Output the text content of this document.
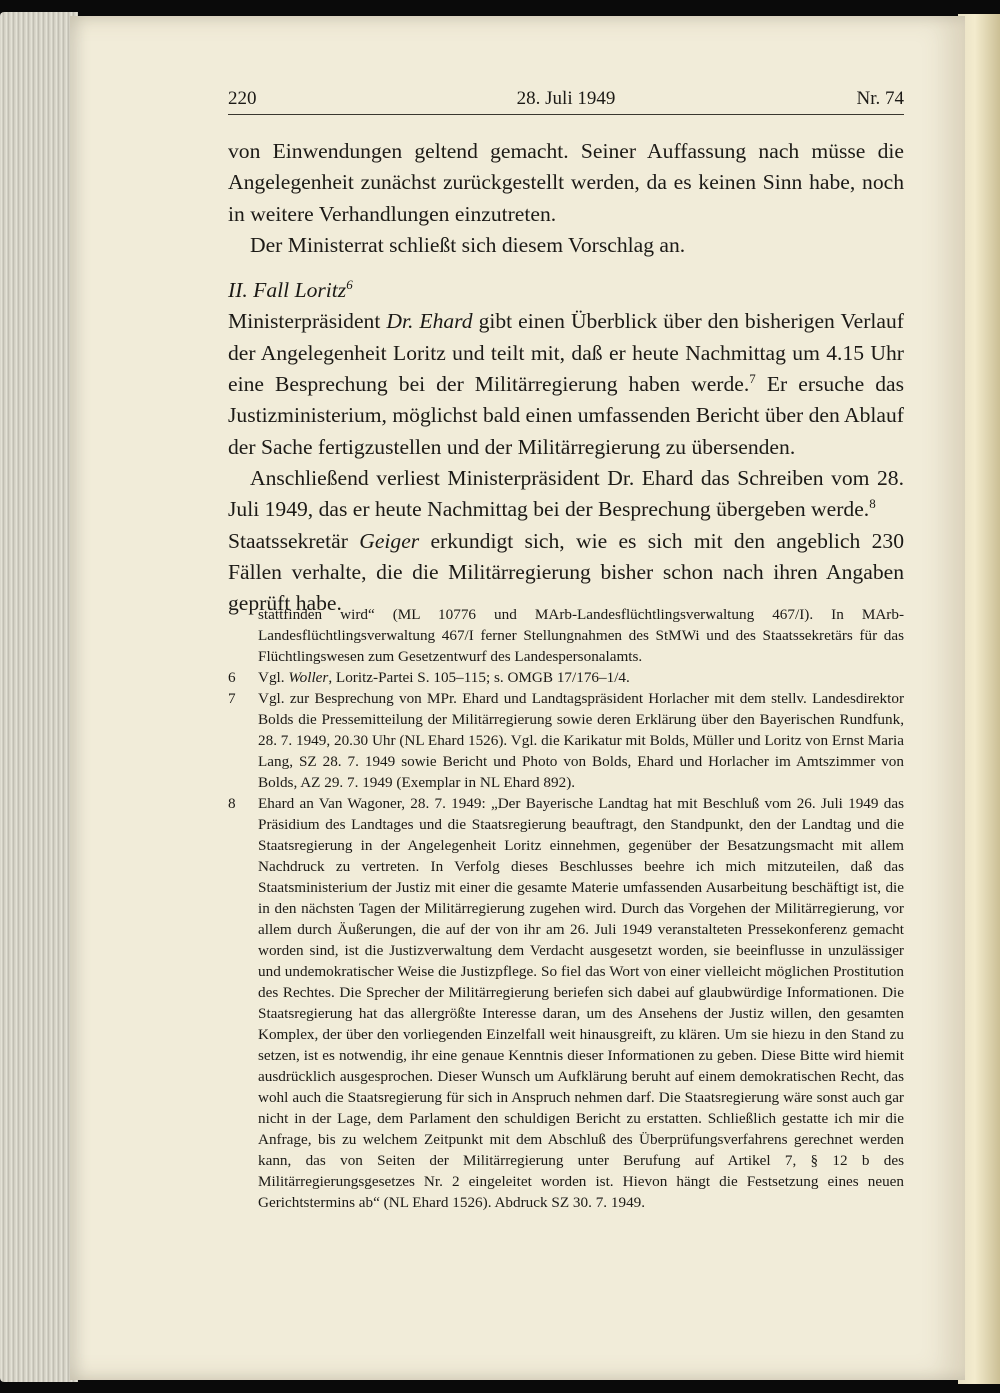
220	28. Juli 1949	Nr. 74

von Einwendungen geltend gemacht. Seiner Auffassung nach müsse die Angelegenheit zunächst zurückgestellt werden, da es keinen Sinn habe, noch in weitere Verhandlungen einzutreten.

Der Ministerrat schließt sich diesem Vorschlag an.

II. Fall Loritz$^6$

Ministerpräsident Dr. Ehard gibt einen Überblick über den bisherigen Verlauf der Angelegenheit Loritz und teilt mit, daß er heute Nachmittag um 4.15 Uhr eine Besprechung bei der Militärregierung haben werde.$^7$ Er ersuche das Justizministerium, möglichst bald einen umfassenden Bericht über den Ablauf der Sache fertigzustellen und der Militärregierung zu übersenden.

Anschließend verliest Ministerpräsident Dr. Ehard das Schreiben vom 28. Juli 1949, das er heute Nachmittag bei der Besprechung übergeben werde.$^8$

Staatssekretär Geiger erkundigt sich, wie es sich mit den angeblich 230 Fällen verhalte, die die Militärregierung bisher schon nach ihren Angaben geprüft habe.

stattfinden wird“ (ML 10776 und MArb-Landesflüchtlingsverwaltung 467/I). In MArb-Landesflüchtlingsverwaltung 467/I ferner Stellungnahmen des StMWi und des Staatssekretärs für das Flüchtlingswesen zum Gesetzentwurf des Landespersonalamts.

6 Vgl. Woller, Loritz-Partei S. 105–115; s. OMGB 17/176–1/4.

7 Vgl. zur Besprechung von MPr. Ehard und Landtagspräsident Horlacher mit dem stellv. Landesdirektor Bolds die Pressemitteilung der Militärregierung sowie deren Erklärung über den Bayerischen Rundfunk, 28. 7. 1949, 20.30 Uhr (NL Ehard 1526). Vgl. die Karikatur mit Bolds, Müller und Loritz von Ernst Maria Lang, SZ 28. 7. 1949 sowie Bericht und Photo von Bolds, Ehard und Horlacher im Amtszimmer von Bolds, AZ 29. 7. 1949 (Exemplar in NL Ehard 892).

8 Ehard an Van Wagoner, 28. 7. 1949: „Der Bayerische Landtag hat mit Beschluß vom 26. Juli 1949 das Präsidium des Landtages und die Staatsregierung beauftragt, den Standpunkt, den der Landtag und die Staatsregierung in der Angelegenheit Loritz einnehmen, gegenüber der Besatzungsmacht mit allem Nachdruck zu vertreten. In Verfolg dieses Beschlusses beehre ich mich mitzuteilen, daß das Staatsministerium der Justiz mit einer die gesamte Materie umfassenden Ausarbeitung beschäftigt ist, die in den nächsten Tagen der Militärregierung zugehen wird. Durch das Vorgehen der Militärregierung, vor allem durch Äußerungen, die auf der von ihr am 26. Juli 1949 veranstalteten Pressekonferenz gemacht worden sind, ist die Justizverwaltung dem Verdacht ausgesetzt worden, sie beeinflusse in unzulässiger und undemokratischer Weise die Justizpflege. So fiel das Wort von einer vielleicht möglichen Prostitution des Rechtes. Die Sprecher der Militärregierung beriefen sich dabei auf glaubwürdige Informationen. Die Staatsregierung hat das allergrößte Interesse daran, um des Ansehens der Justiz willen, den gesamten Komplex, der über den vorliegenden Einzelfall weit hinausgreift, zu klären. Um sie hiezu in den Stand zu setzen, ist es notwendig, ihr eine genaue Kenntnis dieser Informationen zu geben. Diese Bitte wird hiemit ausdrücklich ausgesprochen. Dieser Wunsch um Aufklärung beruht auf einem demokratischen Recht, das wohl auch die Staatsregierung für sich in Anspruch nehmen darf. Die Staatsregierung wäre sonst auch gar nicht in der Lage, dem Parlament den schuldigen Bericht zu erstatten. Schließlich gestatte ich mir die Anfrage, bis zu welchem Zeitpunkt mit dem Abschluß des Überprüfungsverfahrens gerechnet werden kann, das von Seiten der Militärregierung unter Berufung auf Artikel 7, § 12 b des Militärregierungsgesetzes Nr. 2 eingeleitet worden ist. Hievon hängt die Festsetzung eines neuen Gerichtstermins ab“ (NL Ehard 1526). Abdruck SZ 30. 7. 1949.
